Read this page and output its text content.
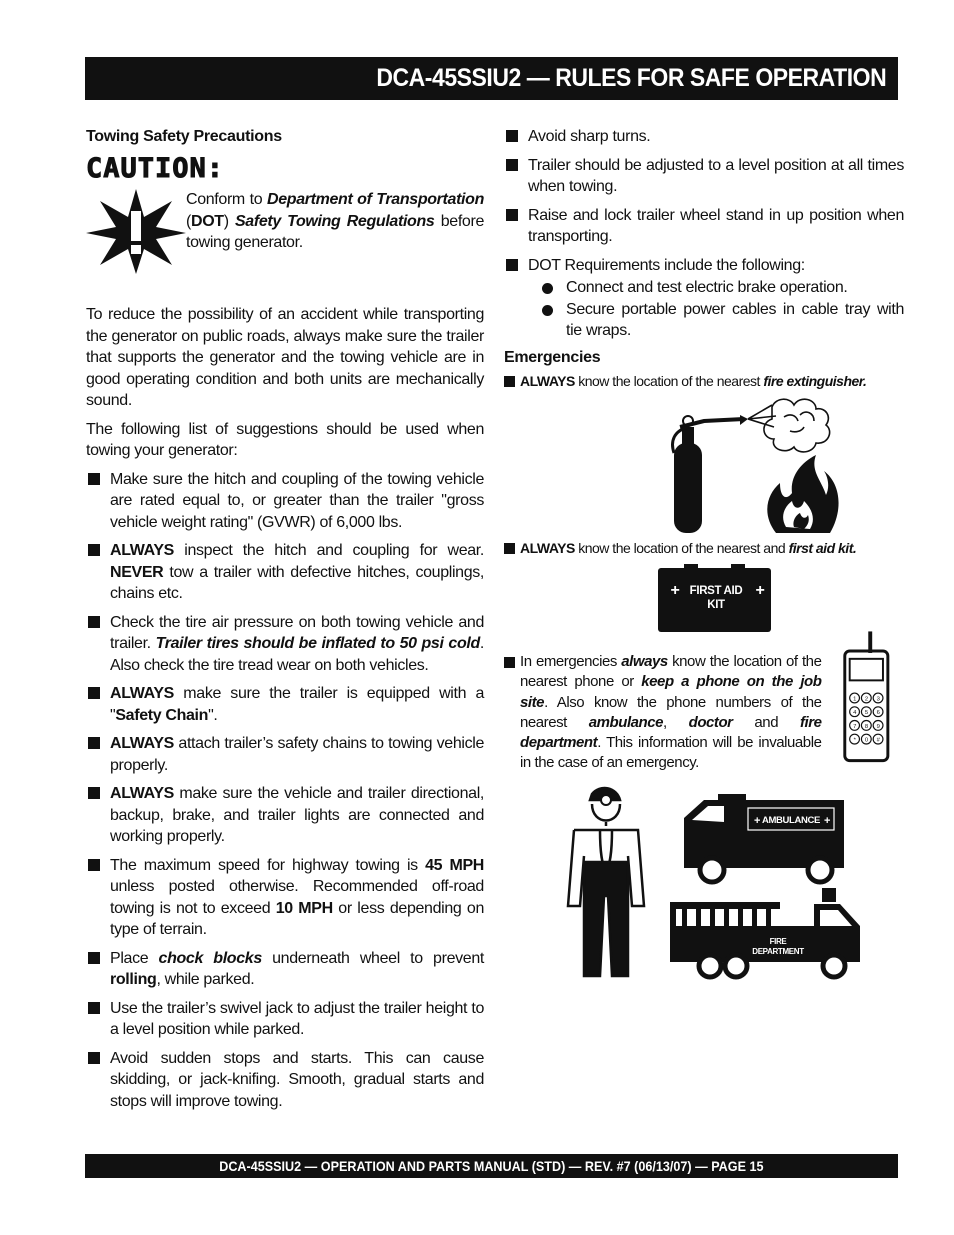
DCA-45SSIU2 — RULES FOR SAFE OPERATION
Towing Safety Precautions
CAUTION:
Conform to Department of Transportation (DOT) Safety Towing Regulations before towing generator.

To reduce the possibility of an accident while transporting the generator on public roads, always make sure the trailer that supports the generator and the towing vehicle are in good operating condition and both units are mechanically sound.

The following list of suggestions should be used when towing your generator:

Make sure the hitch and coupling of the towing vehicle are rated equal to, or greater than the trailer "gross vehicle weight rating" (GVWR) of 6,000 lbs.
ALWAYS inspect the hitch and coupling for wear. NEVER tow a trailer with defective hitches, couplings, chains etc.
Check the tire air pressure on both towing vehicle and trailer. Trailer tires should be inflated to 50 psi cold. Also check the tire tread wear on both vehicles.
ALWAYS make sure the trailer is equipped with a "Safety Chain".
ALWAYS attach trailer’s safety chains to towing vehicle properly.
ALWAYS make sure the vehicle and trailer directional, backup, brake, and trailer lights are connected and working properly.
The maximum speed for highway towing is 45 MPH unless posted otherwise. Recommended off-road towing is not to exceed 10 MPH or less depending on type of terrain.
Place chock blocks underneath wheel to prevent rolling, while parked.
Use the trailer’s swivel jack to adjust the trailer height to a level position while parked.
Avoid sudden stops and starts. This can cause skidding, or jack-knifing. Smooth, gradual starts and stops will improve towing.
Avoid sharp turns.
Trailer should be adjusted to a level position at all times when towing.
Raise and lock trailer wheel stand in up position when transporting.
DOT Requirements include the following:
Connect and test electric brake operation.
Secure portable power cables in cable tray with tie wraps.
Emergencies
ALWAYS know the location of the nearest fire extinguisher.
ALWAYS know the location of the nearest and first aid kit.
+	+
FIRST AID
KIT
In emergencies always know the location of the nearest phone or keep a phone on the job site. Also know the phone numbers of the nearest ambulance, doctor and fire department. This information will be invaluable in the case of an emergency.
1 2 3
4 5 6
7 8 9
* 0 #
AMBULANCE
+	+
FIRE
DEPARTMENT
DCA-45SSIU2 — OPERATION AND PARTS MANUAL (STD) — REV. #7 (06/13/07) — PAGE 15
